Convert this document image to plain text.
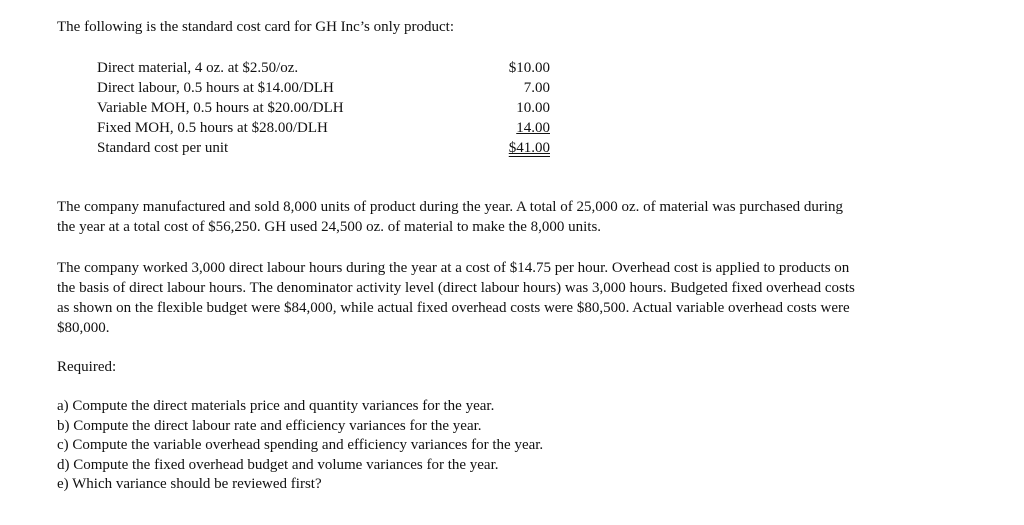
The following is the standard cost card for GH Inc’s only product:
Direct material, 4 oz. at $2.50/oz.	$10.00
Direct labour, 0.5 hours at $14.00/DLH	7.00
Variable MOH, 0.5 hours at $20.00/DLH	10.00
Fixed MOH, 0.5 hours at $28.00/DLH	14.00
Standard cost per unit	$41.00

The company manufactured and sold 8,000 units of product during the year. A total of 25,000 oz. of material was purchased during
the year at a total cost of $56,250. GH used 24,500 oz. of material to make the 8,000 units.

The company worked 3,000 direct labour hours during the year at a cost of $14.75 per hour. Overhead cost is applied to products on
the basis of direct labour hours. The denominator activity level (direct labour hours) was 3,000 hours. Budgeted fixed overhead costs
as shown on the flexible budget were $84,000, while actual fixed overhead costs were $80,500. Actual variable overhead costs were
$80,000.

Required:
a) Compute the direct materials price and quantity variances for the year.
b) Compute the direct labour rate and efficiency variances for the year.
c) Compute the variable overhead spending and efficiency variances for the year.
d) Compute the fixed overhead budget and volume variances for the year.
e) Which variance should be reviewed first?
